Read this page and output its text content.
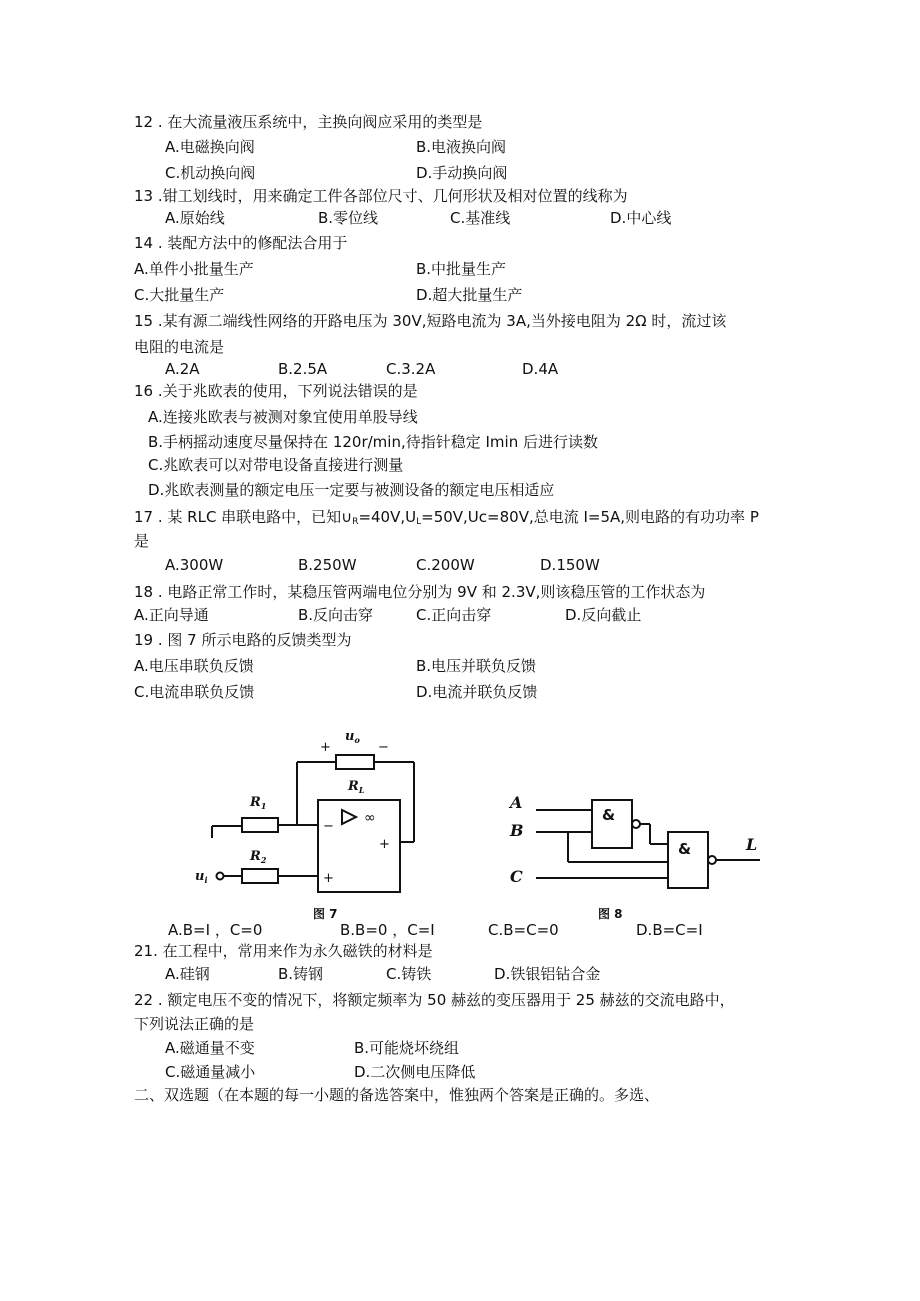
12 . 在大流量液压系统中，主换向阀应采用的类型是
A.电磁换向阀	B.电液换向阀
C.机动换向阀	D.手动换向阀
13 .钳工划线时，用来确定工件各部位尺寸、几何形状及相对位置的线称为
A.原始线	B.零位线	C.基准线	D.中心线
14 . 装配方法中的修配法合用于
A.单件小批量生产	B.中批量生产
C.大批量生产	D.超大批量生产
15 .某有源二端线性网络的开路电压为 30V,短路电流为 3A,当外接电阻为 2Ω 时，流过该
电阻的电流是
A.2A	B.2.5A	C.3.2A	D.4A
16 .关于兆欧表的使用，下列说法错误的是
A.连接兆欧表与被测对象宜使用单股导线
B.手柄摇动速度尽量保持在 120r/min,待指针稳定 Imin 后进行读数
C.兆欧表可以对带电设备直接进行测量
D.兆欧表测量的额定电压一定要与被测设备的额定电压相适应
17 . 某 RLC 串联电路中，已知$\cup_R=40V,U_L=50V,Uc=80V$,总电流 I=5A,则电路的有功功率 P
是
A.300W	B.250W	C.200W	D.150W
18 . 电路正常工作时，某稳压管两端电位分别为 9V 和 2.3V,则该稳压管的工作状态为
A.正向导通	B.反向击穿	C.正向击穿	D.反向截止
19 . 图 7 所示电路的反馈类型为
A.电压串联负反馈	B.电压并联负反馈
C.电流串联负反馈	D.电流并联负反馈
+	−
$u_o$
$R_L$
$R_1$
$R_2$
$u_i$
−
+
∞
+
图 7
A
B
C
L
&
&
图 8
A.B=I ，C=0	B.B=0 ，C=I	C.B=C=0	D.B=C=I
21. 在工程中，常用来作为永久磁铁的材料是
A.硅钢	B.铸钢	C.铸铁	D.铁银铝钻合金
22 . 额定电压不变的情况下，将额定频率为 50 赫兹的变压器用于 25 赫兹的交流电路中，
下列说法正确的是
A.磁通量不变	B.可能烧坏绕组
C.磁通量减小	D.二次侧电压降低
二、双选题（在本题的每一小题的备选答案中，惟独两个答案是正确的。多选、
